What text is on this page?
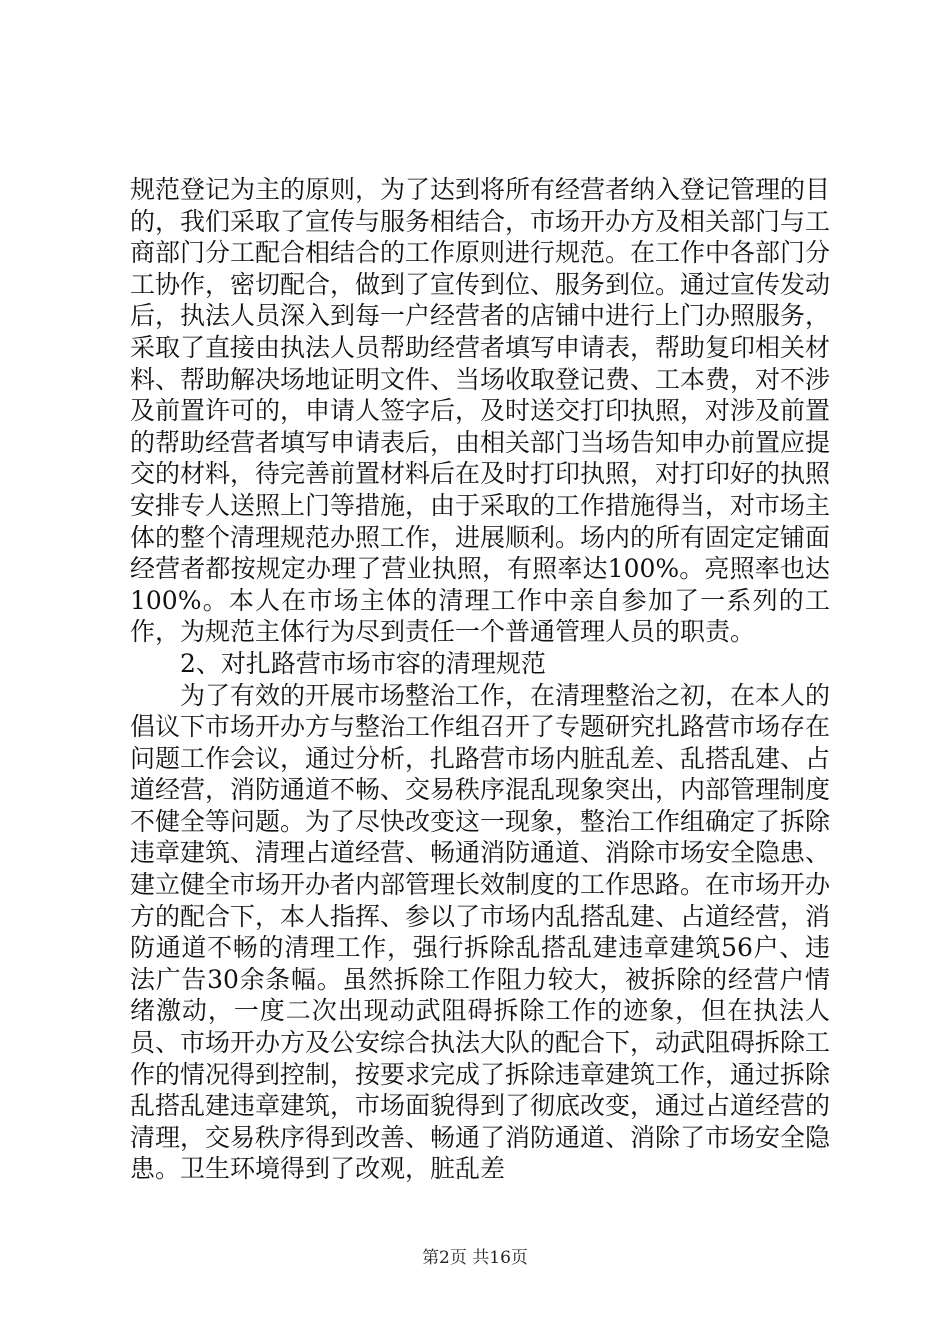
规范登记为主的原则，为了达到将所有经营者纳入登记管理的目的，我们采取了宣传与服务相结合，市场开办方及相关部门与工商部门分工配合相结合的工作原则进行规范。在工作中各部门分工协作，密切配合，做到了宣传到位、服务到位。通过宣传发动后，执法人员深入到每一户经营者的店铺中进行上门办照服务，采取了直接由执法人员帮助经营者填写申请表，帮助复印相关材料、帮助解决场地证明文件、当场收取登记费、工本费，对不涉及前置许可的，申请人签字后，及时送交打印执照，对涉及前置的帮助经营者填写申请表后，由相关部门当场告知申办前置应提交的材料，待完善前置材料后在及时打印执照，对打印好的执照安排专人送照上门等措施，由于采取的工作措施得当，对市场主体的整个清理规范办照工作，进展顺利。场内的所有固定定铺面经营者都按规定办理了营业执照，有照率达100%。亮照率也达100%。本人在市场主体的清理工作中亲自参加了一系列的工作，为规范主体行为尽到责任一个普通管理人员的职责。

2、对扎路营市场市容的清理规范

为了有效的开展市场整治工作，在清理整治之初，在本人的倡议下市场开办方与整治工作组召开了专题研究扎路营市场存在问题工作会议，通过分析，扎路营市场内脏乱差、乱搭乱建、占道经营，消防通道不畅、交易秩序混乱现象突出，内部管理制度不健全等问题。为了尽快改变这一现象，整治工作组确定了拆除违章建筑、清理占道经营、畅通消防通道、消除市场安全隐患、建立健全市场开办者内部管理长效制度的工作思路。在市场开办方的配合下，本人指挥、参以了市场内乱搭乱建、占道经营，消防通道不畅的清理工作，强行拆除乱搭乱建违章建筑56户、违法广告30余条幅。虽然拆除工作阻力较大，被拆除的经营户情绪激动，一度二次出现动武阻碍拆除工作的迹象，但在执法人员、市场开办方及公安综合执法大队的配合下，动武阻碍拆除工作的情况得到控制，按要求完成了拆除违章建筑工作，通过拆除乱搭乱建违章建筑，市场面貌得到了彻底改变，通过占道经营的清理，交易秩序得到改善、畅通了消防通道、消除了市场安全隐患。卫生环境得到了改观，脏乱差

第2页 共16页
